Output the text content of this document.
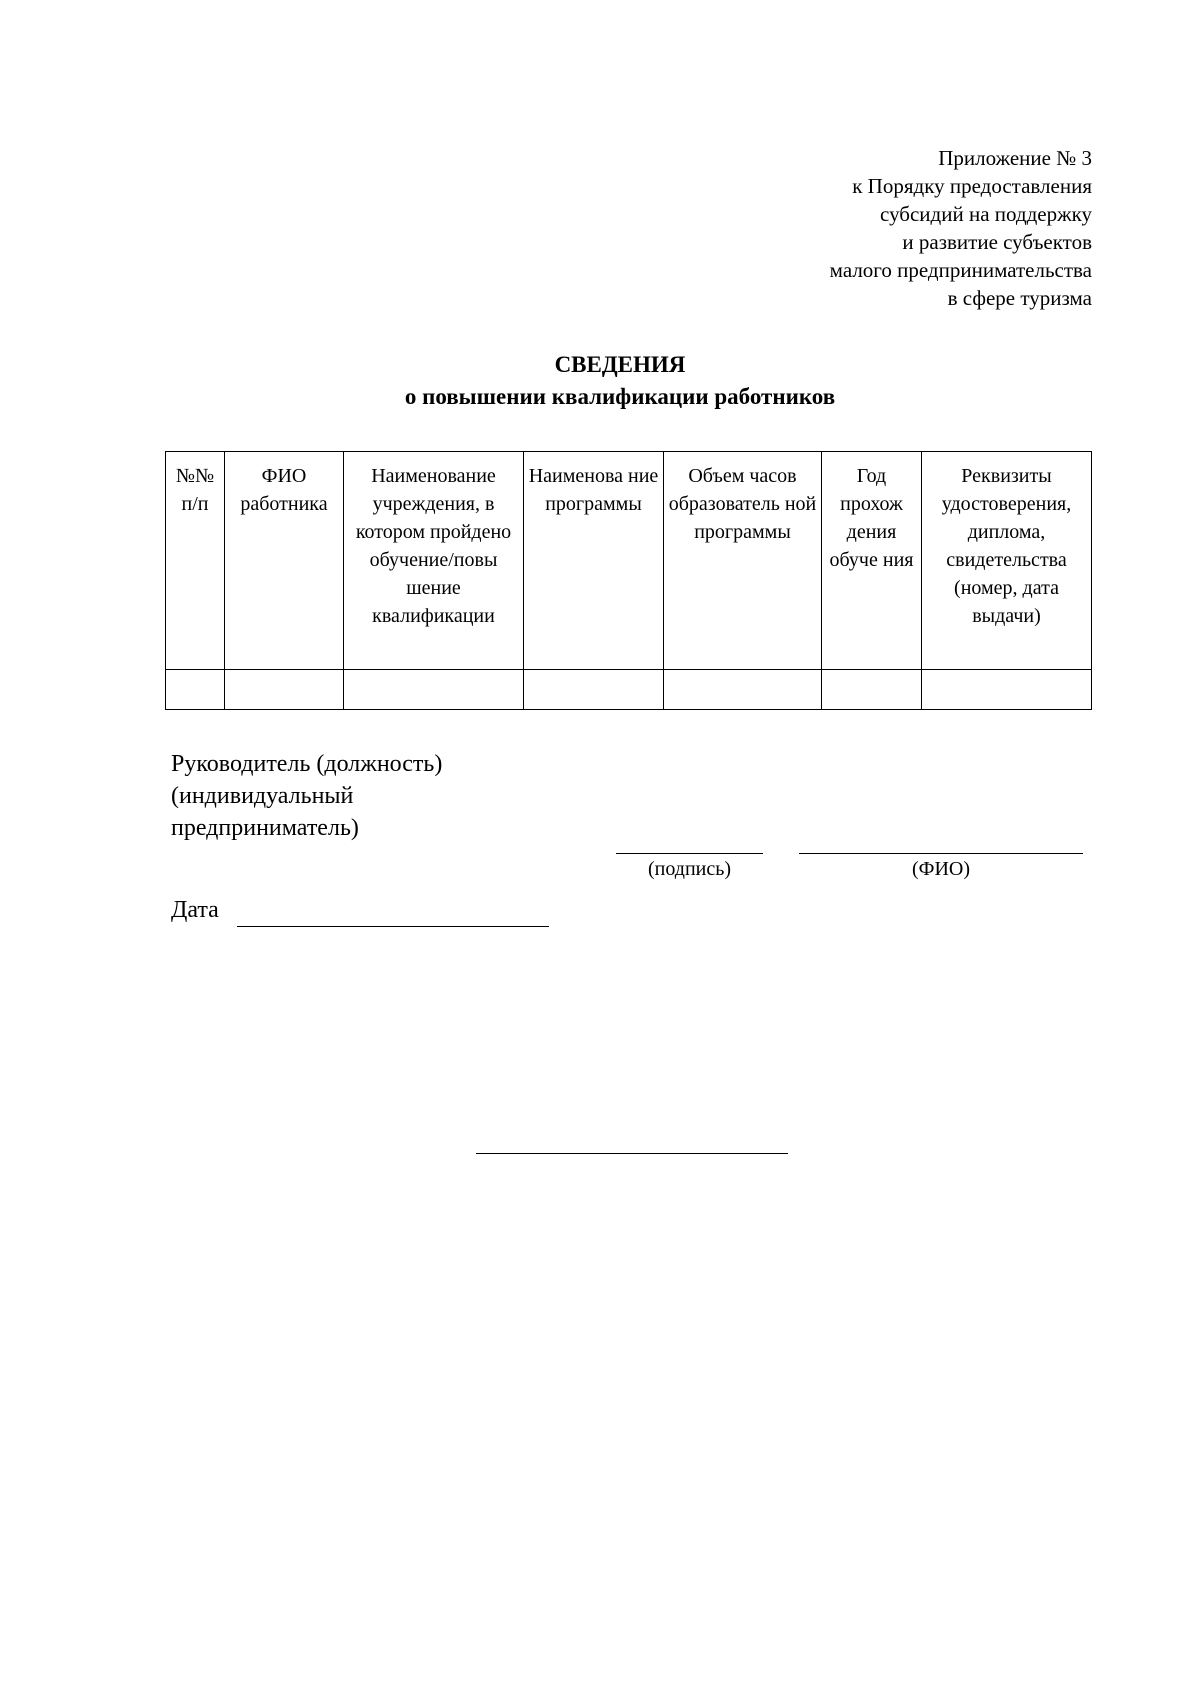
Приложение № 3
к Порядку предоставления
субсидий на поддержку
и развитие субъектов
малого предпринимательства
в сфере туризма
СВЕДЕНИЯ
о повышении квалификации работников
№№ п/п	ФИО работника	Наименование учреждения, в котором пройдено обучение/повы шение квалификации	Наименова ние программы	Объем часов образователь ной программы	Год прохож дения обуче ния	Реквизиты удостоверения, диплома, свидетельства (номер, дата выдачи)

Руководитель (должность)
(индивидуальный
предприниматель)
(подпись)	(ФИО)
Дата
